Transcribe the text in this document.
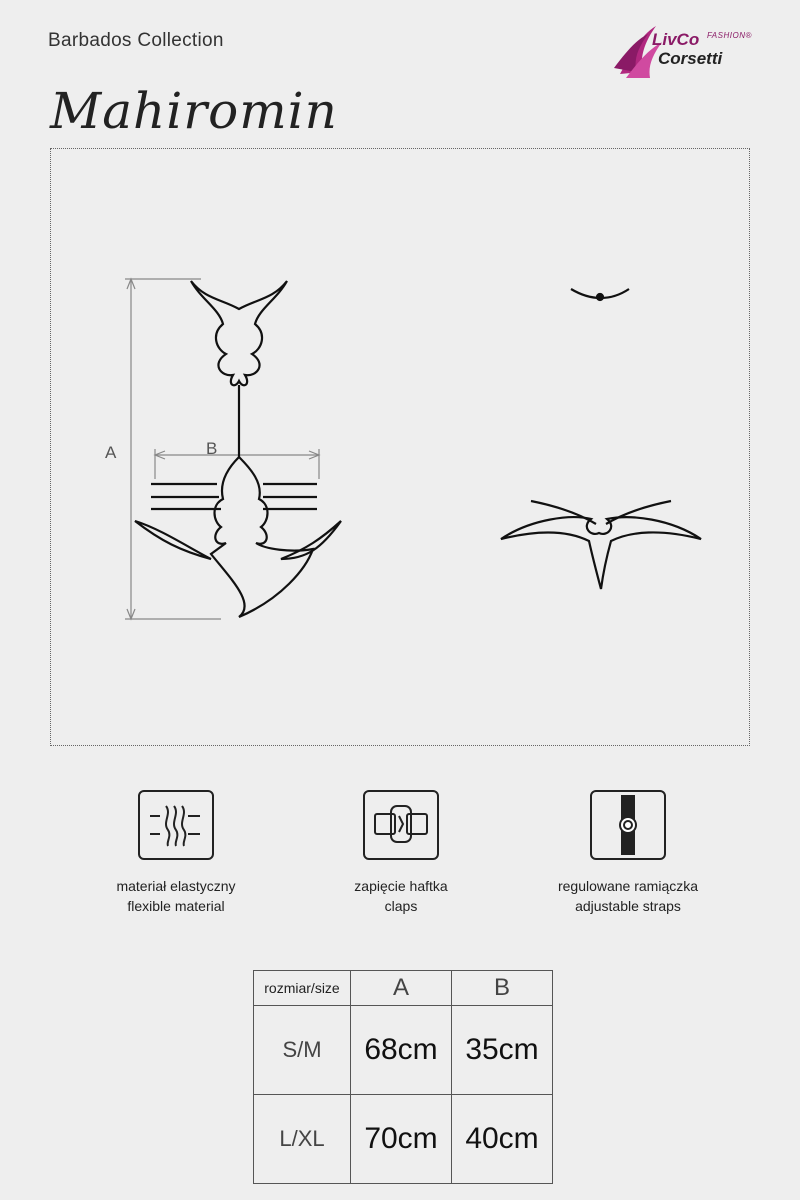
Barbados Collection	LivCo FASHION®
Corsetti
Mahiromin
A	B
materiał elastyczny
flexible material
zapięcie haftka
claps
regulowane ramiączka
adjustable straps
rozmiar/size	A	B
S/M	68cm	35cm
L/XL	70cm	40cm
